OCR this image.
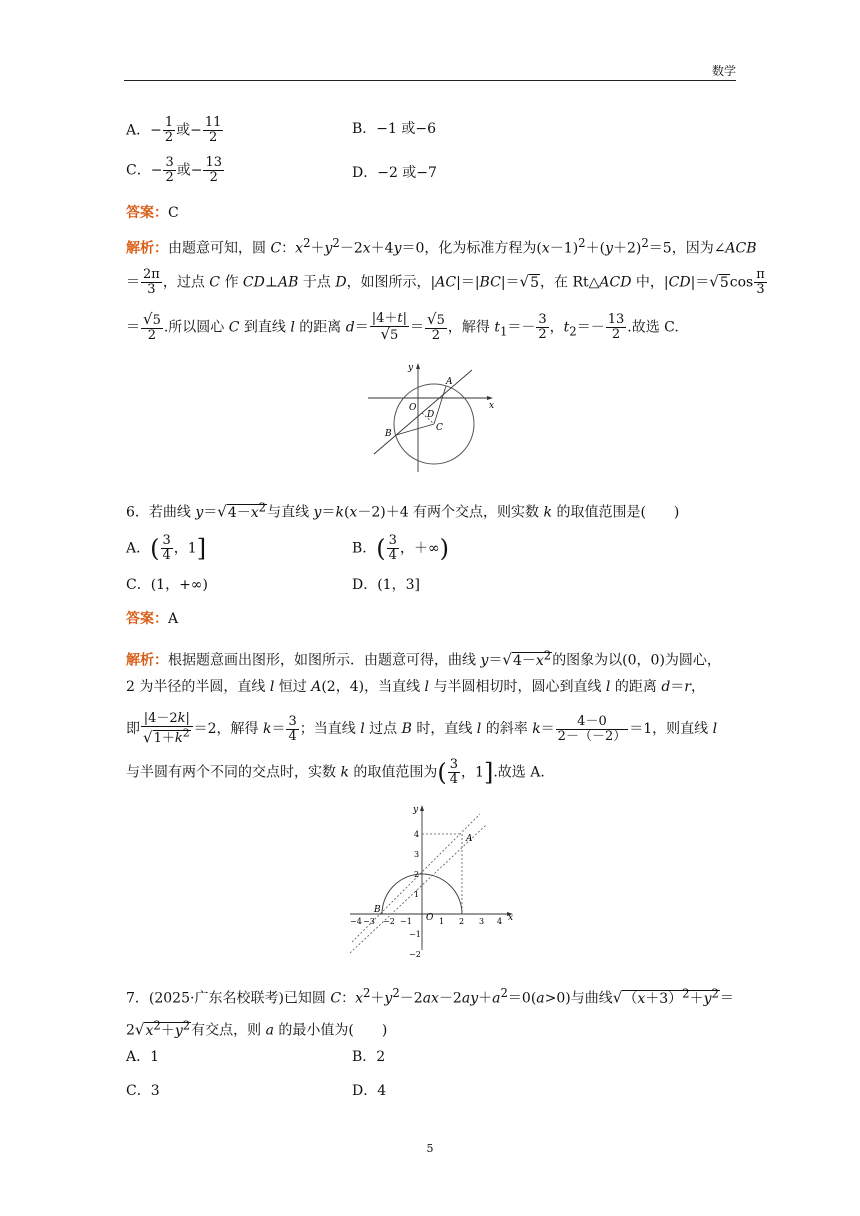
数学
A．− $\frac{1}{2}$ 或− $\frac{11}{2}$	B．−1 或−6
C．− $\frac{3}{2}$ 或− $\frac{13}{2}$	D．−2 或−7
答案：C
解析：由题意可知，圆 C：$x^2+y^2-2x+4y=0$，化为标准方程为$(x-1)^2+(y+2)^2=5$，因为∠ACB
＝ $\frac{2\pi}{3}$ ，过点 C 作 CD⊥AB 于点 D，如图所示，|AC|＝|BC|＝√5，在 Rt△ACD 中，$|CD|=√5\cos \frac{\pi}{3}$
＝ $\frac{√5}{2}$ .所以圆心 C 到直线 l 的距离 $d= \frac{|4+t|}{√5} = \frac{√5}{2}$ ，解得 $t_1=- \frac{3}{2}$ ，$t_2=- \frac{13}{2}$ .故选 C.
y
x
O
A
B
C
D
6．若曲线 $y=√4-x^2$与直线 y＝k(x－2)＋4 有两个交点，则实数 k 的取值范围是(　　)
A．( $\frac{3}{4}$ ，1]	B．( $\frac{3}{4}$ ，＋∞)
C．(1，+∞)	D．(1，3]
答案：A
解析：根据题意画出图形，如图所示．由题意可得，曲线 $y=√4-x^2$的图象为以(0，0)为圆心，
2 为半径的半圆，直线 l 恒过 A(2，4)，当直线 l 与半圆相切时，圆心到直线 l 的距离 d＝r，
即 $\frac{|4-2k|}{√1+k^2} =2$，解得 $k= \frac{3}{4}$ ；当直线 l 过点 B 时，直线 l 的斜率 $k= \frac{4-0}{2-(-2)} =1$，则直线 l
与半圆有两个不同的交点时，实数 k 的取值范围为( $\frac{3}{4}$ ，1].故选 A.
y
x
O
A
B
4
3
2
1
−1
−2
−4 −3 −2 −1	1 2 3 4
7．(2025·广东名校联考)已知圆 C：$x^2+y^2-2ax-2ay+a^2=0(a>0)$与曲线$√(x+3)^2+y^2=$
$2√x^2+y^2$有交点，则 a 的最小值为(　　)
A．1	B．2
C．3	D．4
5
